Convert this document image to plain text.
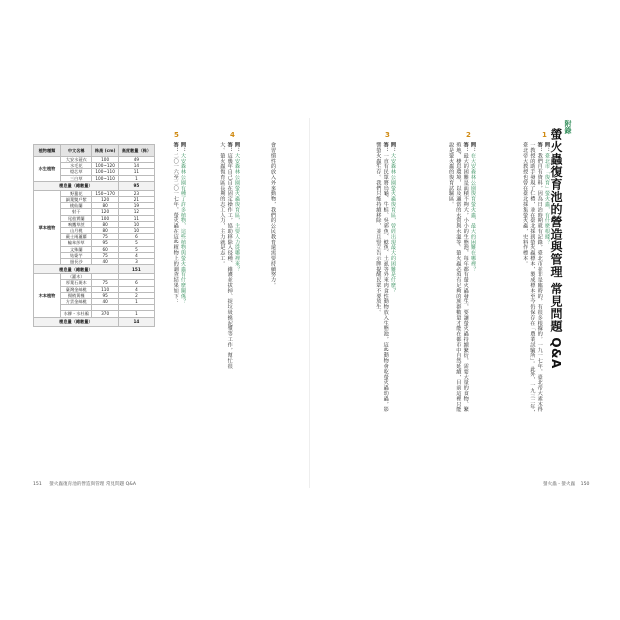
植物種類	中文名稱	株高 (cm)	高度數量（株）
水生植物	大安水蓑衣	100	49
	水毛花	100~120	14
	燈芯草	100~110	11
	三白草	100~110	1
棲息量（總數量）			95
草本植物	野薑花	150~170	23
	細葉雙戶紫	120	21
	桃仙蘭	80	19
	射干	120	12
	尾茄實蘭	100	11
	鳴鷹草蔗	80	10
	山月桃	80	10
	蕨士兩蘆蘿	75	6
	輪傘莎草	95	5
	文殊蘭	60	5
	姑婆芋	75	4
	過長沙	40	3
棲息量（總數量）			151
木本植物	（灌木）		
	厚葉石斑木	75	6
	臺灣金絲桃	110	4
	揚梢黃槿	95	2
	方雲金絲桃	40	1

	水柳・水杜鵑	370	1
棲息量（總數量）			14
5
問：大安森林公園有種了許多植物，這些植物與螢火蟲有什麼關係？
答：二〇一六至二〇一七年，螢火蟲在這些植物上的調查結果如下：
4
問：大安森林公園螢火蟲復育區，主要人力從哪裡來？
答：這幾年自己自在固定操作工，協助移除入侵種、維護並拔掉、捉垃圾換泥漿等工作，幫忙很大。螢火蟲復育區長期的志工人力，主力就是志工。	會習慣性的放入外來動物，我們的公民教育還需要持續努力。
151 螢火蟲復育池的營造與管理 常見問題 Q&A
3
問：大安森林公園螢火蟲復育區，曾經出現最大的困難是什麼？
答：一直有民眾將烏龜、牛蛙、吳郭魚、鯰魚、土虱等外來肉食性動物放入生態池，這些動物會吃螢火蟲幼蟲，影響螢火蟲生存。我們只能持續移除，並且豎立告示牌提醒民眾不要放生。
2
問：在大安森林公園復育螢火蟲，最大的困難在哪裡？
答：最大的困難是面積不夠大，小小的生態池，每年都有螢火蟲發生，要讓螢火蟲持續繁衍，需要大量的食物、繁殖地、棲息環境，以及適當的水質與水溫等。螢火蟲必須有足夠的族群數量才能在都市中自然延續，目前這裡只能說是螢火蟲的復育試驗區。
1
問：臺北市「復育」螢火蟲，有什麼根據？
答：我們自有資料，因為日治時期就有記錄，臺北市並非是臨時的，有很多根據的。一九一七年，臺北帝大素木得一教授的助手發現了仁禮，並在臺北採到螢火蟲標本，製成標本至今仍保存在「農業試驗所」。此外，一九三二年，臺北帝大教授也曾在臺北採集螢火蟲，史料作標本。
螢火蟲・螢火蟲 150
附錄
螢火蟲復育池的營造與管理 常見問題 Q&A
